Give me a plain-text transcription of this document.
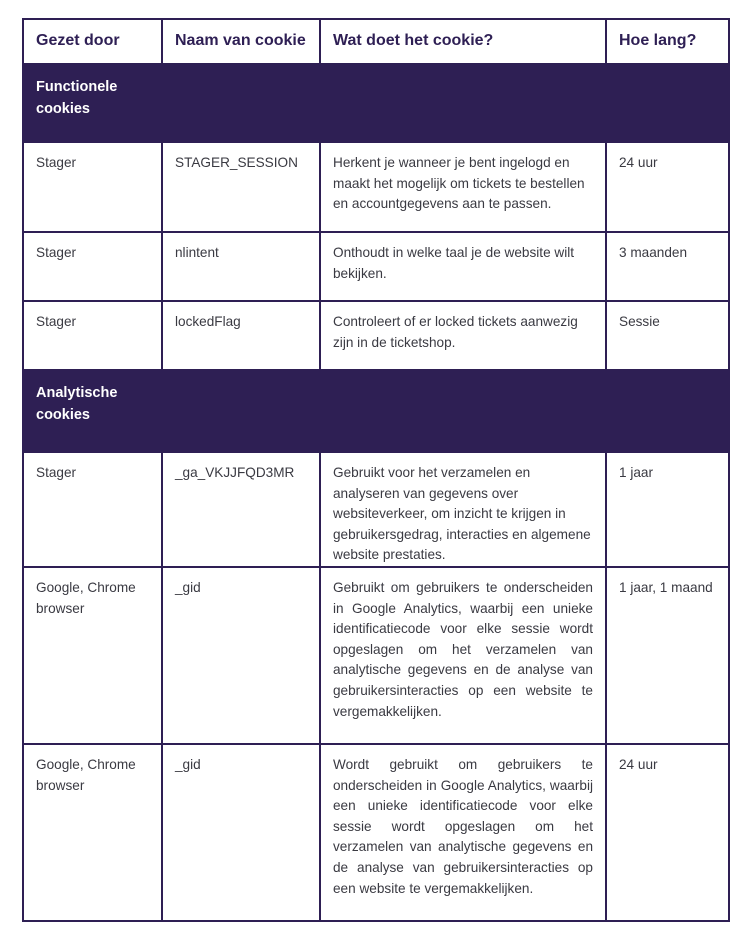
Gezet door	Naam van cookie	Wat doet het cookie?	Hoe lang?
Functionele
cookies			
Stager	STAGER_SESSION	Herkent je wanneer je bent ingelogd en maakt het mogelijk om tickets te bestellen en accountgegevens aan te passen.	24 uur
Stager	nlintent	Onthoudt in welke taal je de website wilt bekijken.	3 maanden
Stager	lockedFlag	Controleert of er locked tickets aanwezig zijn in de ticketshop.	Sessie
Analytische
cookies			
Stager	_ga_VKJJFQD3MR	Gebruikt voor het verzamelen en analyseren van gegevens over websiteverkeer, om inzicht te krijgen in gebruikersgedrag, interacties en algemene website prestaties.	1 jaar
Google, Chrome browser	_gid	Gebruikt om gebruikers te onderscheiden in Google Analytics, waarbij een unieke identificatiecode voor elke sessie wordt opgeslagen om het verzamelen van analytische gegevens en de analyse van gebruikersinteracties op een website te vergemakkelijken.	1 jaar, 1 maand
Google, Chrome browser	_gid	Wordt gebruikt om gebruikers te onderscheiden in Google Analytics, waarbij een unieke identificatiecode voor elke sessie wordt opgeslagen om het verzamelen van analytische gegevens en de analyse van gebruikersinteracties op een website te vergemakkelijken.	24 uur
